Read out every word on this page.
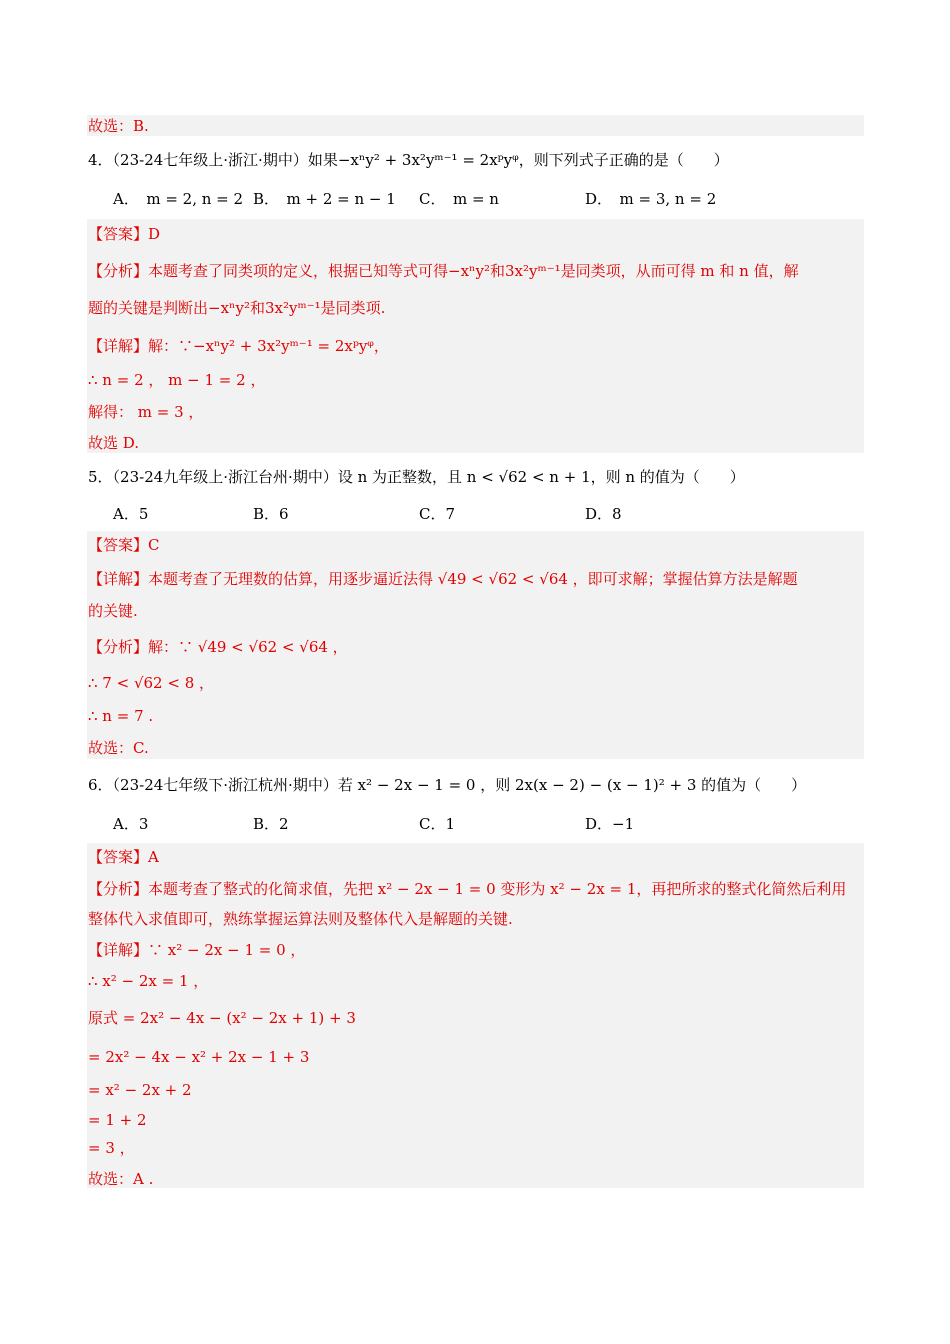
故选：B.
4．（23-24七年级上·浙江·期中）如果−xⁿy² + 3x²yᵐ⁻¹ = 2xᵖyᵠ，则下列式子正确的是（　　）
A．　m = 2, n = 2 B．　m + 2 = n − 1 C．　m = n	D．　m = 3, n = 2
【答案】D
【分析】本题考查了同类项的定义，根据已知等式可得−xⁿy²和3x²yᵐ⁻¹是同类项，从而可得 m 和 n 值，解
题的关键是判断出−xⁿy²和3x²yᵐ⁻¹是同类项.
【详解】解：∵−xⁿy² + 3x²yᵐ⁻¹ = 2xᵖyᵠ，
∴ n = 2 ， m − 1 = 2 ，
解得： m = 3 ，
故选 D.
5．（23-24九年级上·浙江台州·期中）设 n 为正整数，且 n < √62 < n + 1，则 n 的值为（　　）
A．5	B．6	C．7	D．8
【答案】C
【详解】本题考查了无理数的估算，用逐步逼近法得 √49 < √62 < √64 ，即可求解；掌握估算方法是解题
的关键.
【分析】解：∵ √49 < √62 < √64 ，
∴ 7 < √62 < 8 ，
∴ n = 7 .
故选：C.
6．（23-24七年级下·浙江杭州·期中）若 x² − 2x − 1 = 0 ，则 2x(x − 2) − (x − 1)² + 3 的值为（　　）
A．3	B．2	C．1	D．−1
【答案】A
【分析】本题考查了整式的化简求值，先把 x² − 2x − 1 = 0 变形为 x² − 2x = 1，再把所求的整式化简然后利用
整体代入求值即可，熟练掌握运算法则及整体代入是解题的关键.
【详解】∵ x² − 2x − 1 = 0 ，
∴ x² − 2x = 1 ，
原式 = 2x² − 4x − (x² − 2x + 1) + 3
= 2x² − 4x − x² + 2x − 1 + 3
= x² − 2x + 2
= 1 + 2
= 3 ，
故选：A .
